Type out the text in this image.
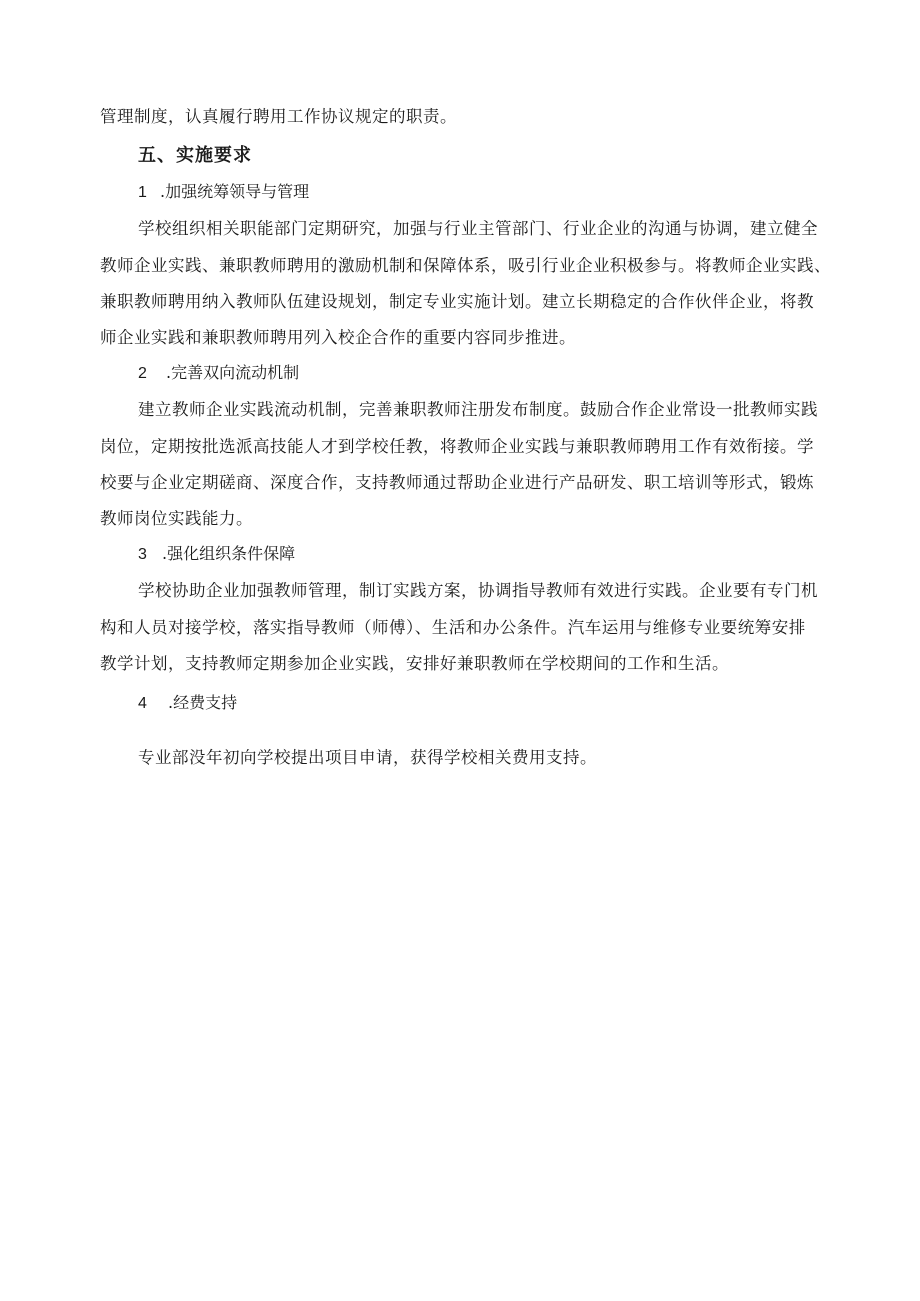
管理制度，认真履行聘用工作协议规定的职责。
五、实施要求
1 .加强统筹领导与管理
学校组织相关职能部门定期研究，加强与行业主管部门、行业企业的沟通与协调，建立健全
教师企业实践、兼职教师聘用的激励机制和保障体系，吸引行业企业积极参与。将教师企业实践、
兼职教师聘用纳入教师队伍建设规划，制定专业实施计划。建立长期稳定的合作伙伴企业，将教
师企业实践和兼职教师聘用列入校企合作的重要内容同步推进。
2 .完善双向流动机制
建立教师企业实践流动机制，完善兼职教师注册发布制度。鼓励合作企业常设一批教师实践
岗位，定期按批选派高技能人才到学校任教，将教师企业实践与兼职教师聘用工作有效衔接。学
校要与企业定期磋商、深度合作，支持教师通过帮助企业进行产品研发、职工培训等形式，锻炼
教师岗位实践能力。
3 .强化组织条件保障
学校协助企业加强教师管理，制订实践方案，协调指导教师有效进行实践。企业要有专门机
构和人员对接学校，落实指导教师（师傅）、生活和办公条件。汽车运用与维修专业要统筹安排
教学计划，支持教师定期参加企业实践，安排好兼职教师在学校期间的工作和生活。
4 .经费支持
专业部没年初向学校提出项目申请，获得学校相关费用支持。
